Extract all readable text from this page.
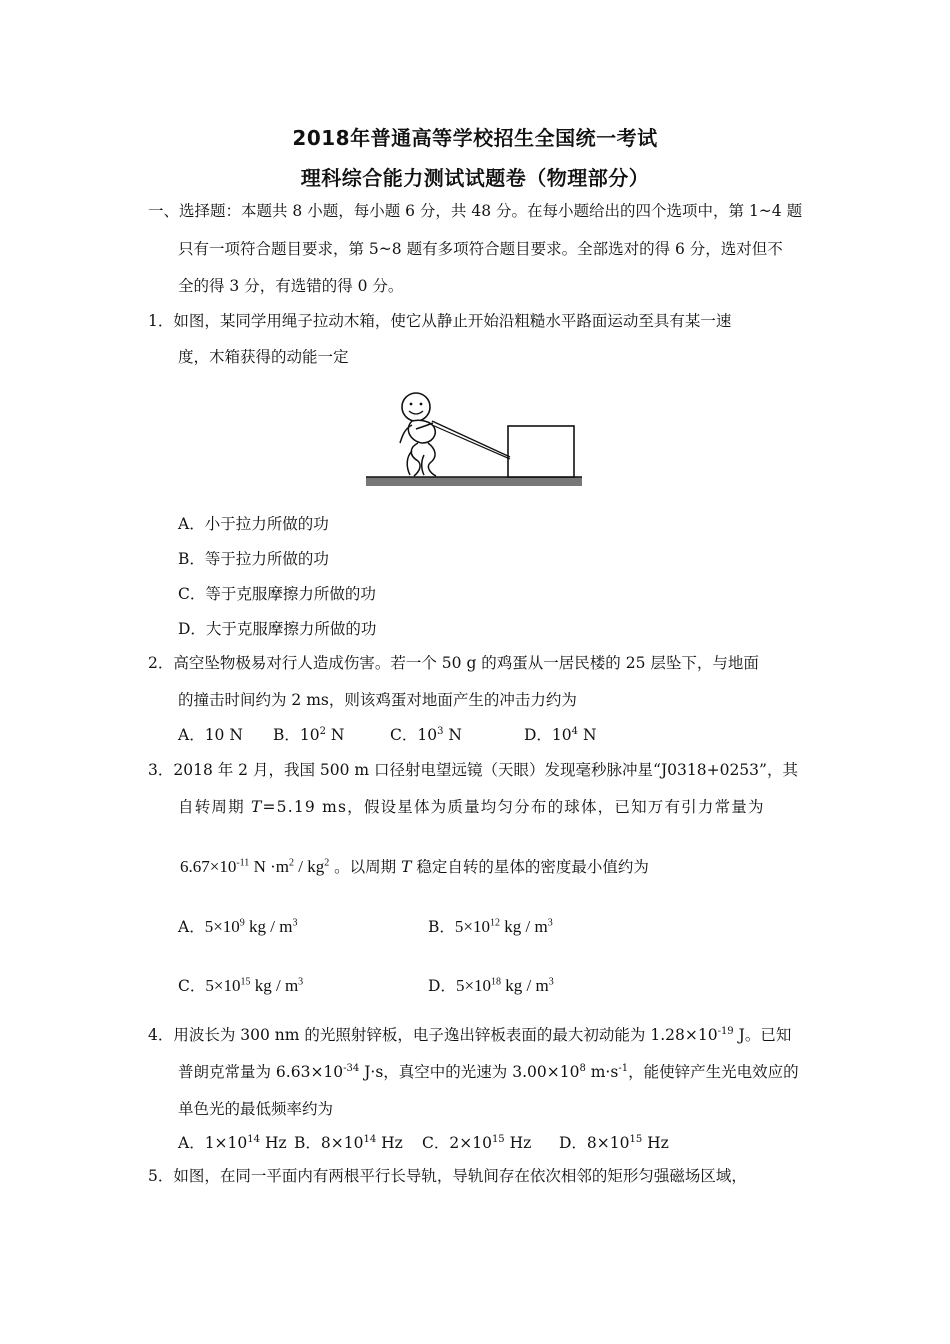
2018年普通高等学校招生全国统一考试
理科综合能力测试试题卷（物理部分）
一、选择题：本题共 8 小题，每小题 6 分，共 48 分。在每小题给出的四个选项中，第 1~4 题
只有一项符合题目要求，第 5~8 题有多项符合题目要求。全部选对的得 6 分，选对但不
全的得 3 分，有选错的得 0 分。
1．如图，某同学用绳子拉动木箱，使它从静止开始沿粗糙水平路面运动至具有某一速
度，木箱获得的动能一定
A．小于拉力所做的功
B．等于拉力所做的功
C．等于克服摩擦力所做的功
D．大于克服摩擦力所做的功
2．高空坠物极易对行人造成伤害。若一个 50 g 的鸡蛋从一居民楼的 25 层坠下，与地面
的撞击时间约为 2 ms，则该鸡蛋对地面产生的冲击力约为
A．10 N B．$10^2$ N	C．$10^3$ N	D．$10^4$ N
3．2018 年 2 月，我国 500 m 口径射电望远镜（天眼）发现毫秒脉冲星“J0318+0253”，其
自转周期 T=5.19 ms，假设星体为质量均匀分布的球体，已知万有引力常量为
$6.67\times 10^{-11}$ $N \cdot m^2 / kg^2$ 。以周期 T 稳定自转的星体的密度最小值约为
A．$5\times 10^9$ kg / $m^3$	B．$5\times 10^{12}$ kg / $m^3$
C．$5\times 10^{15}$ kg / $m^3$	D．$5\times 10^{18}$ kg / $m^3$
4．用波长为 300 nm 的光照射锌板，电子逸出锌板表面的最大初动能为 $1.28\times 10^{-19}$ J。已知
普朗克常量为 $6.63\times 10^{-34}$ J·s，真空中的光速为 $3.00\times 10^8$ $m\cdot s^{-1}$，能使锌产生光电效应的
单色光的最低频率约为
A．$1\times 10^{14}$ Hz B．$8\times 10^{14}$ Hz C．$2\times 10^{15}$ Hz D．$8\times 10^{15}$ Hz
5．如图，在同一平面内有两根平行长导轨，导轨间存在依次相邻的矩形匀强磁场区域，
